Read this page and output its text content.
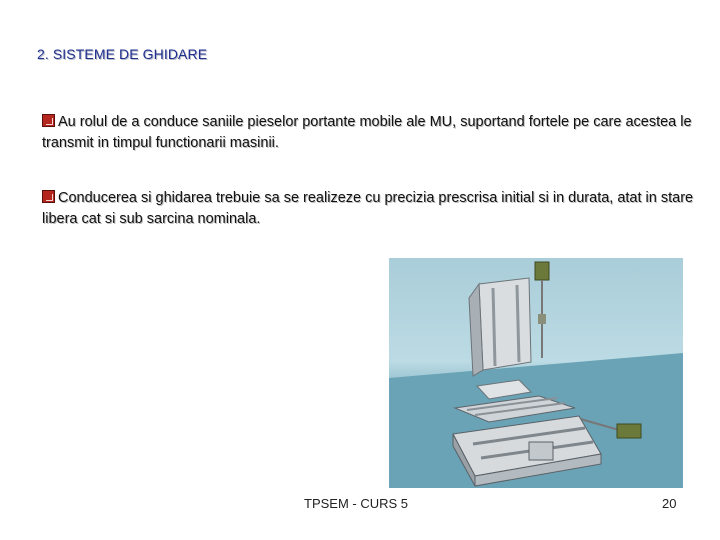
2. SISTEME DE GHIDARE
Au rolul de a conduce saniile pieselor portante mobile ale MU, suportand fortele pe care acestea le transmit in timpul functionarii masinii.
Conducerea si ghidarea trebuie sa se realizeze cu precizia prescrisa initial si in durata, atat in stare libera cat si sub sarcina nominala.
TPSEM - CURS 5	20
